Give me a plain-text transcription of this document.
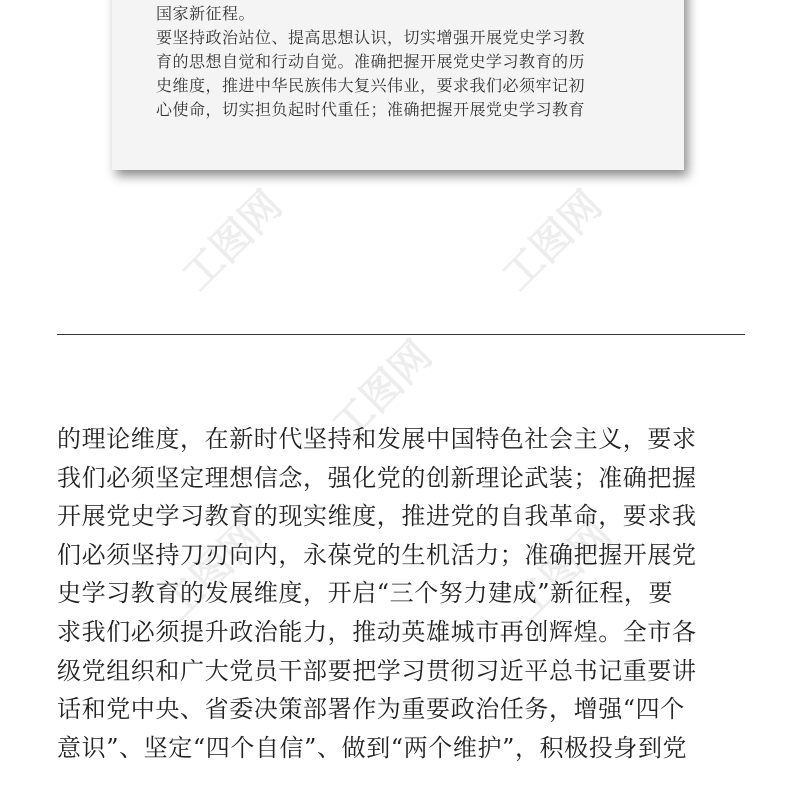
工图网	工图网
工图网
工图网	工图网
国家新征程。
要坚持政治站位、提高思想认识，切实增强开展党史学习教
育的思想自觉和行动自觉。准确把握开展党史学习教育的历
史维度，推进中华民族伟大复兴伟业，要求我们必须牢记初
心使命，切实担负起时代重任；准确把握开展党史学习教育
的理论维度，在新时代坚持和发展中国特色社会主义，要求
我们必须坚定理想信念，强化党的创新理论武装；准确把握
开展党史学习教育的现实维度，推进党的自我革命，要求我
们必须坚持刀刃向内，永葆党的生机活力；准确把握开展党
史学习教育的发展维度，开启“三个努力建成”新征程，要
求我们必须提升政治能力，推动英雄城市再创辉煌。全市各
级党组织和广大党员干部要把学习贯彻习近平总书记重要讲
话和党中央、省委决策部署作为重要政治任务，增强“四个
意识”、坚定“四个自信”、做到“两个维护”，积极投身到党
